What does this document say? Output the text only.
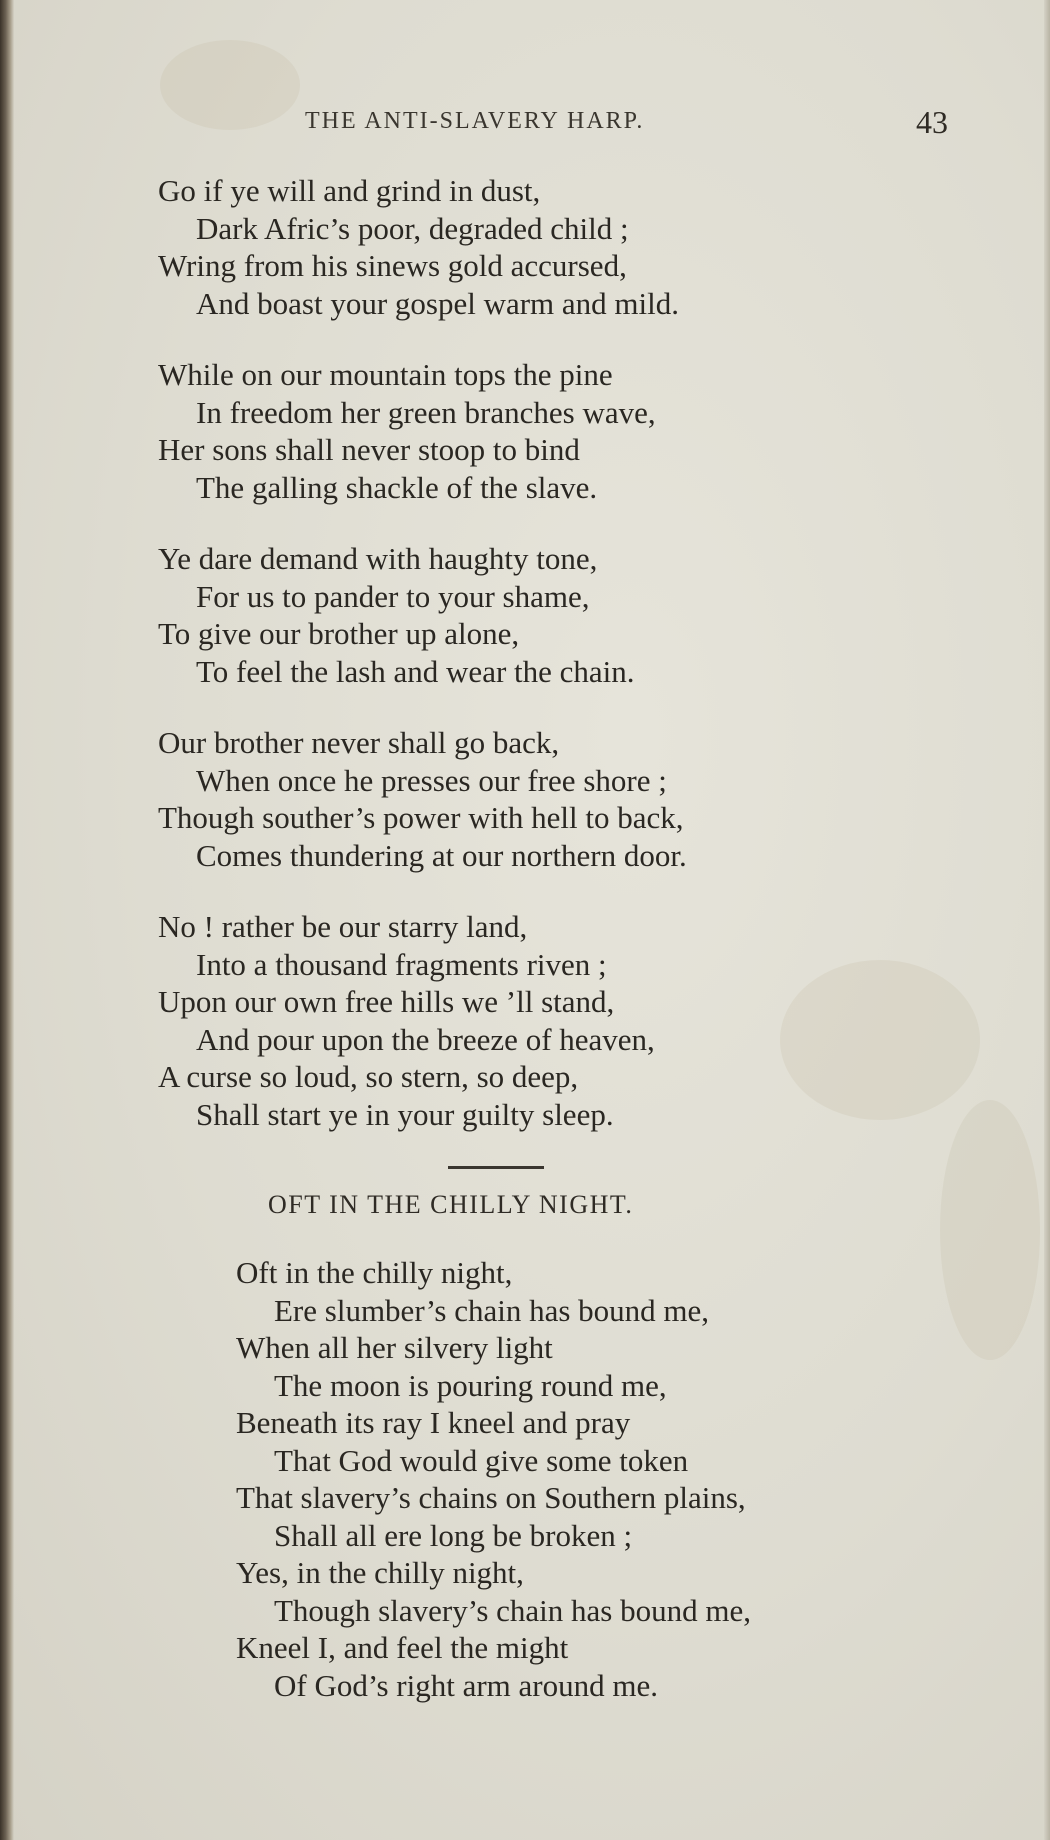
THE ANTI-SLAVERY HARP.	43
Go if ye will and grind in dust,
Dark Afric’s poor, degraded child ;
Wring from his sinews gold accursed,
And boast your gospel warm and mild.
While on our mountain tops the pine
In freedom her green branches wave,
Her sons shall never stoop to bind
The galling shackle of the slave.
Ye dare demand with haughty tone,
For us to pander to your shame,
To give our brother up alone,
To feel the lash and wear the chain.
Our brother never shall go back,
When once he presses our free shore ;
Though souther’s power with hell to back,
Comes thundering at our northern door.
No ! rather be our starry land,
Into a thousand fragments riven ;
Upon our own free hills we ’ll stand,
And pour upon the breeze of heaven,
A curse so loud, so stern, so deep,
Shall start ye in your guilty sleep.
OFT IN THE CHILLY NIGHT.
Oft in the chilly night,
Ere slumber’s chain has bound me,
When all her silvery light
The moon is pouring round me,
Beneath its ray I kneel and pray
That God would give some token
That slavery’s chains on Southern plains,
Shall all ere long be broken ;
Yes, in the chilly night,
Though slavery’s chain has bound me,
Kneel I, and feel the might
Of God’s right arm around me.
